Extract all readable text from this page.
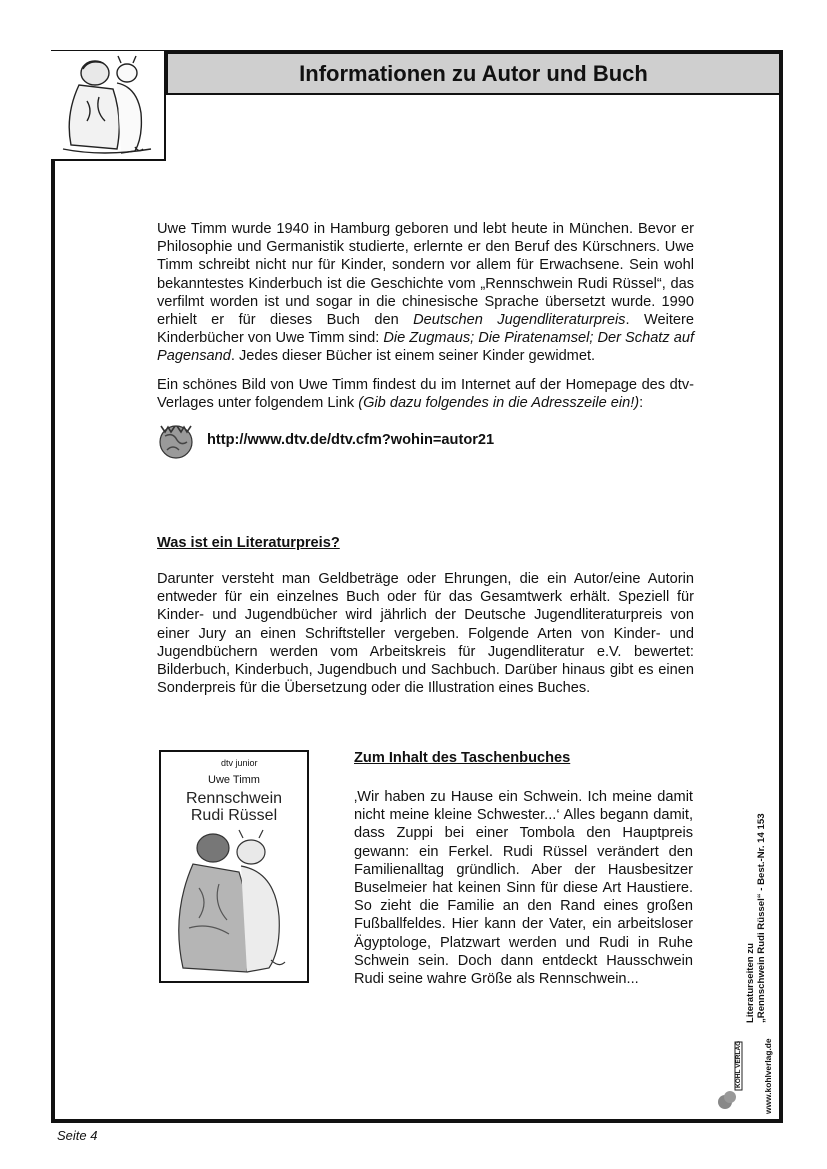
Informationen zu Autor und Buch

Uwe Timm wurde 1940 in Hamburg geboren und lebt heute in München. Bevor er Philosophie und Germanistik studierte, erlernte er den Beruf des Kürschners. Uwe Timm schreibt nicht nur für Kinder, sondern vor allem für Erwachsene. Sein wohl bekanntestes Kinderbuch ist die Geschichte vom „Rennschwein Rudi Rüssel“, das verfilmt worden ist und sogar in die chinesische Sprache übersetzt wurde. 1990 erhielt er für dieses Buch den Deutschen Jugendliteraturpreis. Weitere Kinderbücher von Uwe Timm sind: Die Zugmaus; Die Piratenamsel; Der Schatz auf Pagensand. Jedes dieser Bücher ist einem seiner Kinder gewidmet.

Ein schönes Bild von Uwe Timm findest du im Internet auf der Homepage des dtv-Verlages unter folgendem Link (Gib dazu folgendes in die Adresszeile ein!):

http://www.dtv.de/dtv.cfm?wohin=autor21

Was ist ein Literaturpreis?

Darunter versteht man Geldbeträge oder Ehrungen, die ein Autor/eine Autorin entweder für ein einzelnes Buch oder für das Gesamtwerk erhält. Speziell für Kinder- und Jugendbücher wird jährlich der Deutsche Jugendliteraturpreis von einer Jury an einen Schriftsteller vergeben. Folgende Arten von Kinder- und Jugendbüchern werden vom Arbeitskreis für Jugendliteratur e.V. bewertet: Bilderbuch, Kinderbuch, Jugendbuch und Sachbuch. Darüber hinaus gibt es einen Sonderpreis für die Übersetzung oder die Illustration eines Buches.

dtv junior
Uwe Timm
Rennschwein
Rudi Rüssel

Zum Inhalt des Taschenbuches

‚Wir haben zu Hause ein Schwein. Ich meine damit nicht meine kleine Schwester...‘ Alles begann damit, dass Zuppi bei einer Tombola den Hauptpreis gewann: ein Ferkel. Rudi Rüssel verändert den Familienalltag gründlich. Aber der Hausbesitzer Buselmeier hat keinen Sinn für diese Art Haustiere. So zieht die Familie an den Rand eines großen Fußballfeldes. Hier kann der Vater, ein arbeitsloser Ägyptologe, Platzwart werden und Rudi in Ruhe Schwein sein. Doch dann entdeckt Hausschwein Rudi seine wahre Größe als Rennschwein...	Literaturseiten zu „Rennschwein Rudi Rüssel“ - Best.-Nr. 14 153
www.kohlverlag.de
KOHL VERLAG
Seite 4
